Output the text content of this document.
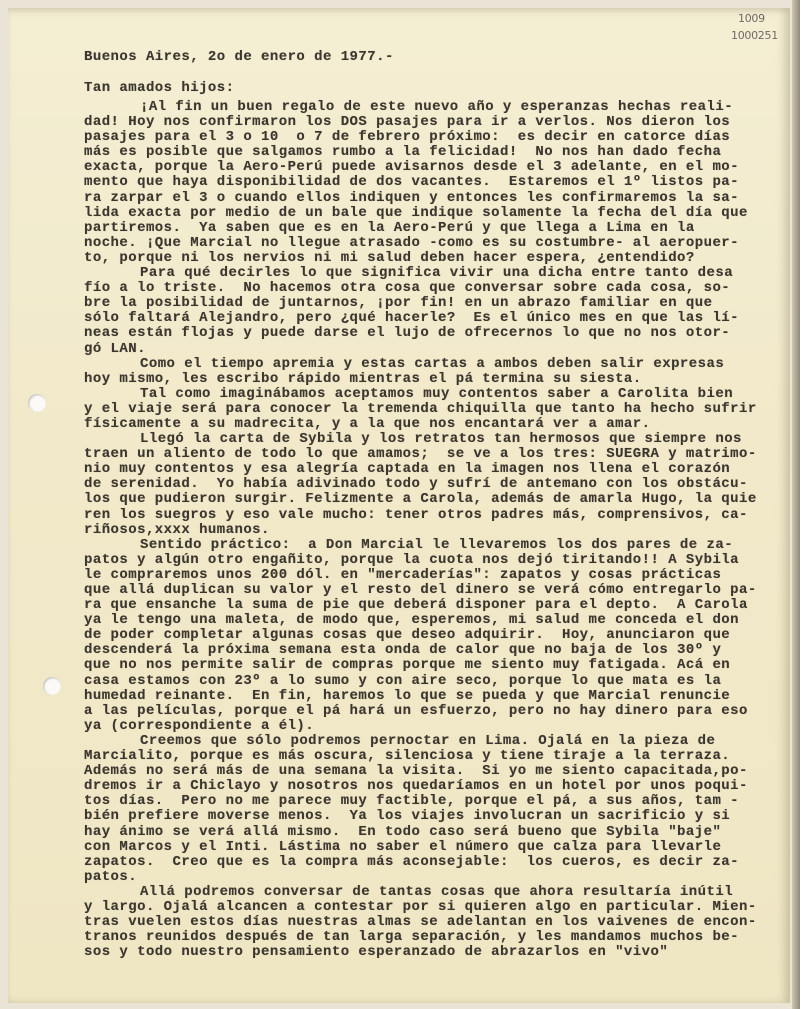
1009
1000251
Buenos Aires, 2o de enero de 1977.-
Tan amados hijos:
¡Al fin un buen regalo de este nuevo año y esperanzas hechas reali-
dad! Hoy nos confirmaron los DOS pasajes para ir a verlos. Nos dieron los
pasajes para el 3 o 10  o 7 de febrero próximo:  es decir en catorce días
más es posible que salgamos rumbo a la felicidad!  No nos han dado fecha
exacta, porque la Aero-Perú puede avisarnos desde el 3 adelante, en el mo-
mento que haya disponibilidad de dos vacantes.  Estaremos el 1º listos pa-
ra zarpar el 3 o cuando ellos indiquen y entonces les confirmaremos la sa-
lida exacta por medio de un bale que indique solamente la fecha del día que
partiremos.  Ya saben que es en la Aero-Perú y que llega a Lima en la
noche. ¡Que Marcial no llegue atrasado -como es su costumbre- al aeropuer-
to, porque ni los nervios ni mi salud deben hacer espera, ¿entendido?
Para qué decirles lo que significa vivir una dicha entre tanto desa
fío a lo triste.  No hacemos otra cosa que conversar sobre cada cosa, so-
bre la posibilidad de juntarnos, ¡por fin! en un abrazo familiar en que
sólo faltará Alejandro, pero ¿qué hacerle?  Es el único mes en que las lí-
neas están flojas y puede darse el lujo de ofrecernos lo que no nos otor-
gó LAN.
Como el tiempo apremia y estas cartas a ambos deben salir expresas
hoy mismo, les escribo rápido mientras el pá termina su siesta.
Tal como imaginábamos aceptamos muy contentos saber a Carolita bien
y el viaje será para conocer la tremenda chiquilla que tanto ha hecho sufrir
físicamente a su madrecita, y a la que nos encantará ver a amar.
Llegó la carta de Sybila y los retratos tan hermosos que siempre nos
traen un aliento de todo lo que amamos;  se ve a los tres: SUEGRA y matrimo-
nio muy contentos y esa alegría captada en la imagen nos llena el corazón
de serenidad.  Yo había adivinado todo y sufrí de antemano con los obstácu-
los que pudieron surgir. Felizmente a Carola, además de amarla Hugo, la quie
ren los suegros y eso vale mucho: tener otros padres más, comprensivos, ca-
riñosos,xxxx humanos.
Sentido práctico:  a Don Marcial le llevaremos los dos pares de za-
patos y algún otro engañito, porque la cuota nos dejó tiritando!! A Sybila
le compraremos unos 200 dól. en "mercaderías": zapatos y cosas prácticas
que allá duplican su valor y el resto del dinero se verá cómo entregarlo pa-
ra que ensanche la suma de pie que deberá disponer para el depto.  A Carola
ya le tengo una maleta, de modo que, esperemos, mi salud me conceda el don
de poder completar algunas cosas que deseo adquirir.  Hoy, anunciaron que
descenderá la próxima semana esta onda de calor que no baja de los 30º y
que no nos permite salir de compras porque me siento muy fatigada. Acá en
casa estamos con 23º a lo sumo y con aire seco, porque lo que mata es la
humedad reinante.  En fin, haremos lo que se pueda y que Marcial renuncie
a las películas, porque el pá hará un esfuerzo, pero no hay dinero para eso
ya (correspondiente a él).
Creemos que sólo podremos pernoctar en Lima. Ojalá en la pieza de
Marcialito, porque es más oscura, silenciosa y tiene tiraje a la terraza.
Además no será más de una semana la visita.  Si yo me siento capacitada,po-
dremos ir a Chiclayo y nosotros nos quedaríamos en un hotel por unos poqui-
tos días.  Pero no me parece muy factible, porque el pá, a sus años, tam -
bién prefiere moverse menos.  Ya los viajes involucran un sacrificio y si
hay ánimo se verá allá mismo.  En todo caso será bueno que Sybila "baje"
con Marcos y el Inti. Lástima no saber el número que calza para llevarle
zapatos.  Creo que es la compra más aconsejable:  los cueros, es decir za-
patos.
Allá podremos conversar de tantas cosas que ahora resultaría inútil
y largo. Ojalá alcancen a contestar por si quieren algo en particular. Mien-
tras vuelen estos días nuestras almas se adelantan en los vaivenes de encon-
tranos reunidos después de tan larga separación, y les mandamos muchos be-
sos y todo nuestro pensamiento esperanzado de abrazarlos en "vivo"
